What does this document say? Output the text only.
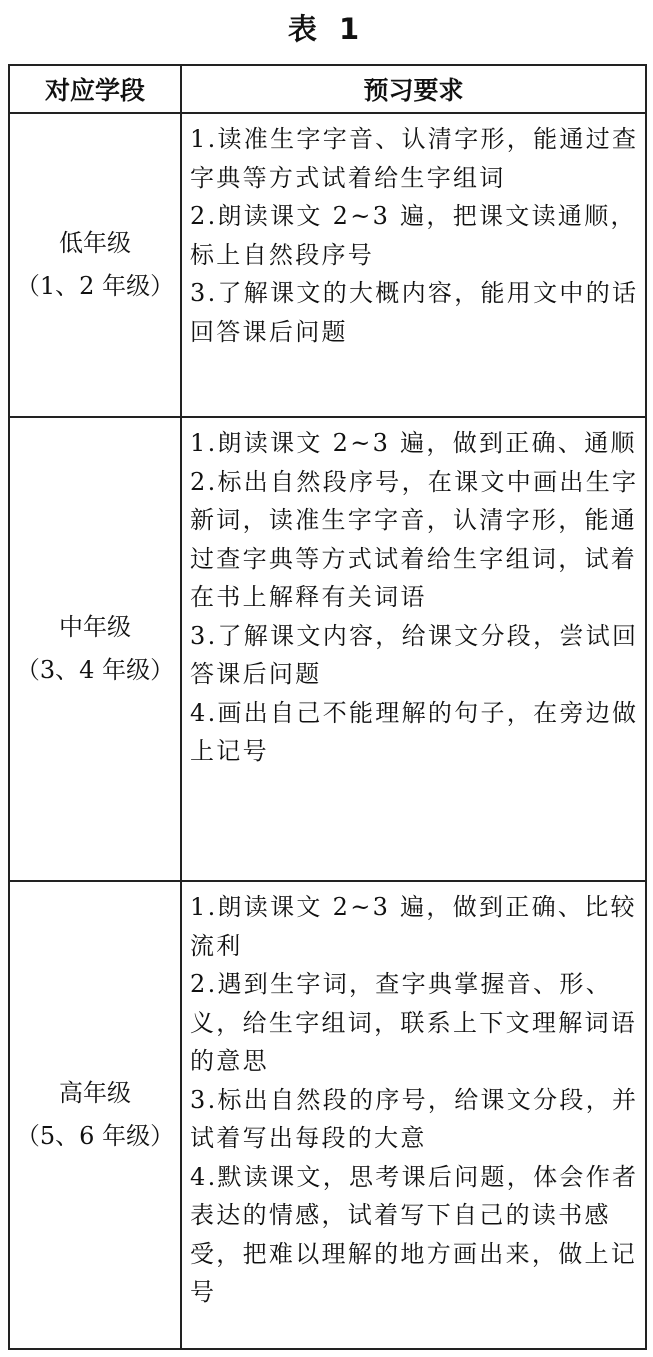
表 1
对应学段	预习要求

低年级
（1、2 年级）	1.读准生字字音、认清字形，能通过查字典等方式试着给生字组词
2.朗读课文 2~3 遍，把课文读通顺，标上自然段序号
3.了解课文的大概内容，能用文中的话回答课后问题

中年级
（3、4 年级）	1.朗读课文 2~3 遍，做到正确、通顺
2.标出自然段序号，在课文中画出生字新词，读准生字字音，认清字形，能通过查字典等方式试着给生字组词，试着在书上解释有关词语
3.了解课文内容，给课文分段，尝试回答课后问题
4.画出自己不能理解的句子，在旁边做上记号

高年级
（5、6 年级）	1.朗读课文 2~3 遍，做到正确、比较流利
2.遇到生字词，查字典掌握音、形、义，给生字组词，联系上下文理解词语的意思
3.标出自然段的序号，给课文分段，并试着写出每段的大意
4.默读课文，思考课后问题，体会作者表达的情感，试着写下自己的读书感受，把难以理解的地方画出来，做上记号
